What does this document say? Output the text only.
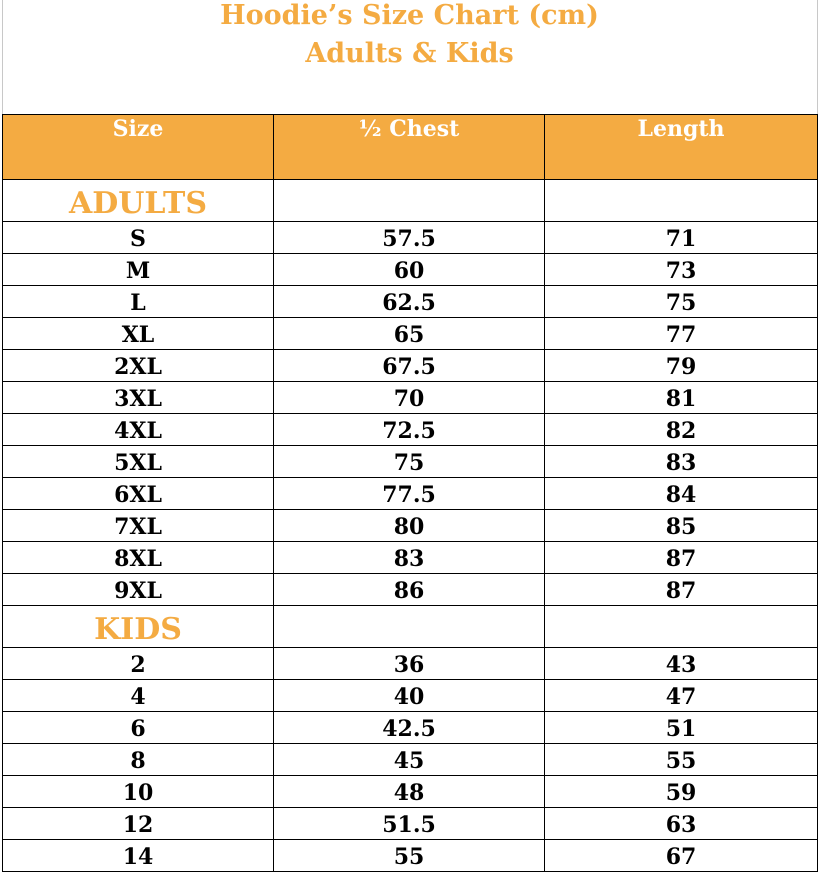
Hoodie’s Size Chart (cm)
Adults & Kids
Size	½ Chest	Length
ADULTS		
S	57.5	71
M	60	73
L	62.5	75
XL	65	77
2XL	67.5	79
3XL	70	81
4XL	72.5	82
5XL	75	83
6XL	77.5	84
7XL	80	85
8XL	83	87
9XL	86	87
KIDS		
2	36	43
4	40	47
6	42.5	51
8	45	55
10	48	59
12	51.5	63
14	55	67
